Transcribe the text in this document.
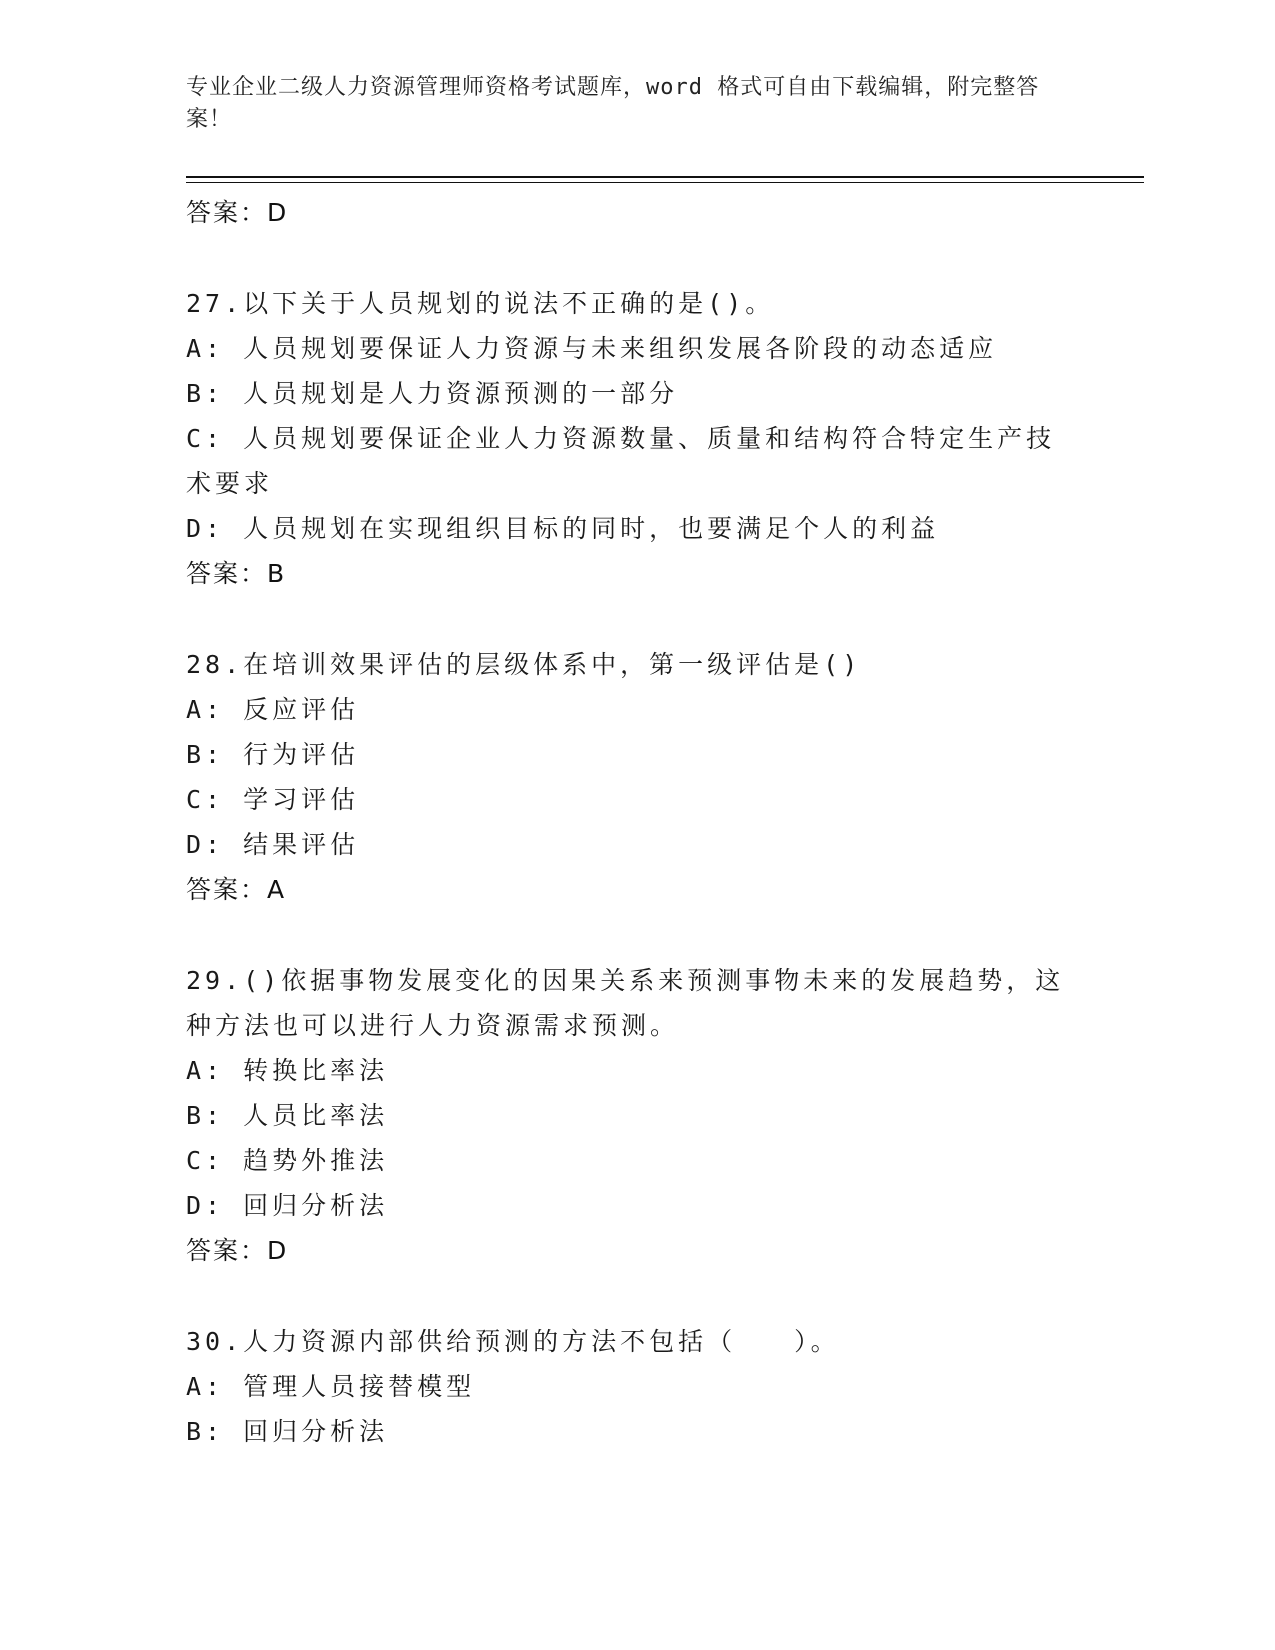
专业企业二级人力资源管理师资格考试题库，word 格式可自由下载编辑，附完整答案！
答案：D
27.以下关于人员规划的说法不正确的是()。
A: 人员规划要保证人力资源与未来组织发展各阶段的动态适应
B: 人员规划是人力资源预测的一部分
C: 人员规划要保证企业人力资源数量、质量和结构符合特定生产技术要求
D: 人员规划在实现组织目标的同时，也要满足个人的利益
答案：B
28.在培训效果评估的层级体系中，第一级评估是()
A: 反应评估
B: 行为评估
C: 学习评估
D: 结果评估
答案：A
29.()依据事物发展变化的因果关系来预测事物未来的发展趋势，这种方法也可以进行人力资源需求预测。
A: 转换比率法
B: 人员比率法
C: 趋势外推法
D: 回归分析法
答案：D
30.人力资源内部供给预测的方法不包括（　　）。
A: 管理人员接替模型
B: 回归分析法
